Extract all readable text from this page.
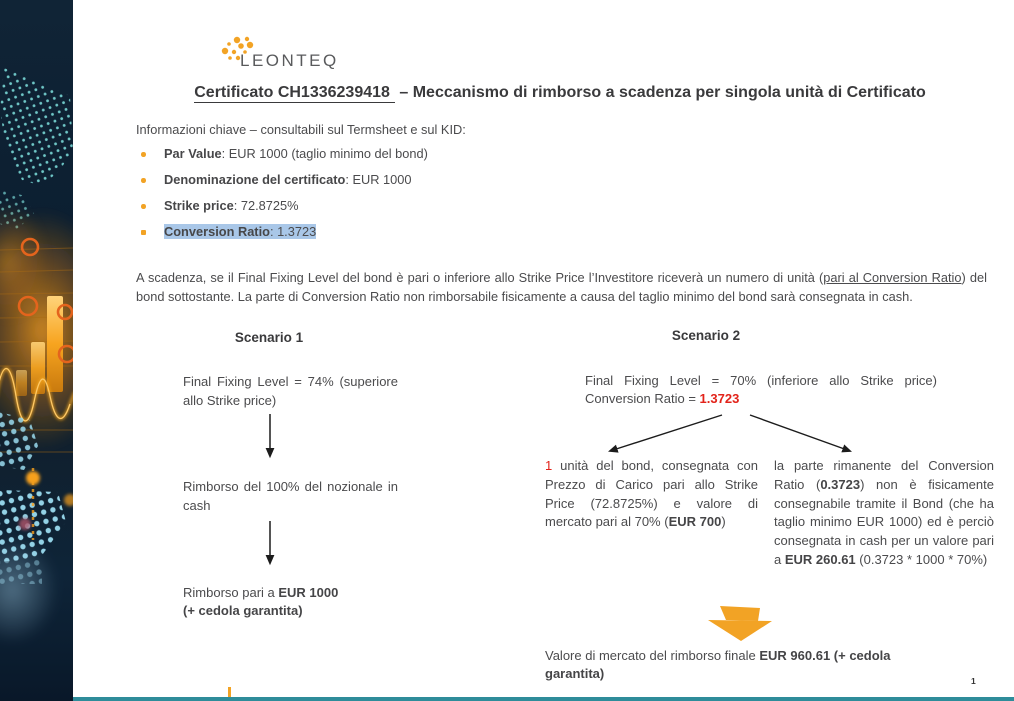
LEONTEQ
Certificato CH1336239418 – Meccanismo di rimborso a scadenza per singola unità di Certificato

Informazioni chiave – consultabili sul Termsheet e sul KID:

Par Value: EUR 1000 (taglio minimo del bond)
Denominazione del certificato: EUR 1000
Strike price: 72.8725%
Conversion Ratio: 1.3723

A scadenza, se il Final Fixing Level del bond è pari o inferiore allo Strike Price l’Investitore riceverà un numero di unità (pari al Conversion Ratio) del bond sottostante. La parte di Conversion Ratio non rimborsabile fisicamente a causa del taglio minimo del bond sarà consegnata in cash.

Scenario 1	Scenario 2
Final Fixing Level = 74% (superiore allo Strike price)
Rimborso del 100% del nozionale in cash
Rimborso pari a EUR 1000
(+ cedola garantita)
Final Fixing Level = 70% (inferiore allo Strike price)
Conversion Ratio = 1.3723
1 unità del bond, consegnata con Prezzo di Carico pari allo Strike Price (72.8725%) e valore di mercato pari al 70% (EUR 700)
la parte rimanente del Conversion Ratio (0.3723) non è fisicamente consegnabile tramite il Bond (che ha taglio minimo EUR 1000) ed è perciò consegnata in cash per un valore pari a EUR 260.61 (0.3723 * 1000 * 70%)
Valore di mercato del rimborso finale EUR 960.61 (+ cedola
garantita)
1
